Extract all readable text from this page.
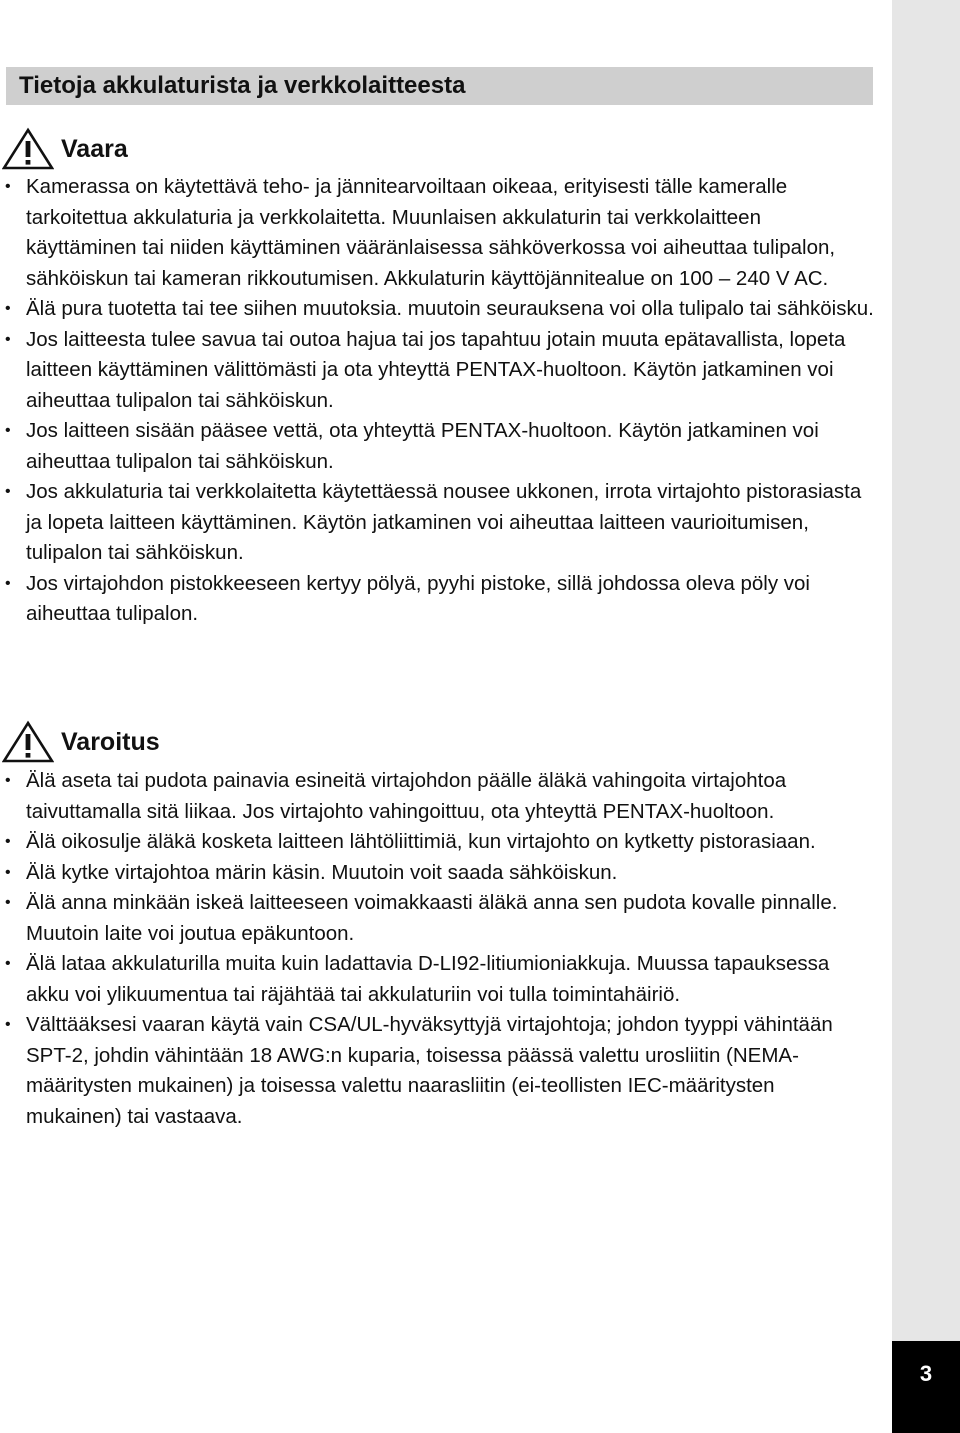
Tietoja akkulaturista ja verkkolaitteesta
Vaara
• Kamerassa on käytettävä teho- ja jännitearvoiltaan oikeaa, erityisesti tälle kameralle tarkoitettua akkulaturia ja verkkolaitetta. Muunlaisen akkulaturin tai verkkolaitteen käyttäminen tai niiden käyttäminen vääränlaisessa sähköverkossa voi aiheuttaa tulipalon, sähköiskun tai kameran rikkoutumisen. Akkulaturin käyttöjännitealue on 100 – 240 V AC.
• Älä pura tuotetta tai tee siihen muutoksia. muutoin seurauksena voi olla tulipalo tai sähköisku.
• Jos laitteesta tulee savua tai outoa hajua tai jos tapahtuu jotain muuta epätavallista, lopeta laitteen käyttäminen välittömästi ja ota yhteyttä PENTAX-huoltoon. Käytön jatkaminen voi aiheuttaa tulipalon tai sähköiskun.
• Jos laitteen sisään pääsee vettä, ota yhteyttä PENTAX-huoltoon. Käytön jatkaminen voi aiheuttaa tulipalon tai sähköiskun.
• Jos akkulaturia tai verkkolaitetta käytettäessä nousee ukkonen, irrota virtajohto pistorasiasta ja lopeta laitteen käyttäminen. Käytön jatkaminen voi aiheuttaa laitteen vaurioitumisen, tulipalon tai sähköiskun.
• Jos virtajohdon pistokkeeseen kertyy pölyä, pyyhi pistoke, sillä johdossa oleva pöly voi aiheuttaa tulipalon.
Varoitus
• Älä aseta tai pudota painavia esineitä virtajohdon päälle äläkä vahingoita virtajohtoa taivuttamalla sitä liikaa. Jos virtajohto vahingoittuu, ota yhteyttä PENTAX-huoltoon.
• Älä oikosulje äläkä kosketa laitteen lähtöliittimiä, kun virtajohto on kytketty pistorasiaan.
• Älä kytke virtajohtoa märin käsin. Muutoin voit saada sähköiskun.
• Älä anna minkään iskeä laitteeseen voimakkaasti äläkä anna sen pudota kovalle pinnalle. Muutoin laite voi joutua epäkuntoon.
• Älä lataa akkulaturilla muita kuin ladattavia D-LI92-litiumioniakkuja. Muussa tapauksessa akku voi ylikuumentua tai räjähtää tai akkulaturiin voi tulla toimintahäiriö.
• Välttääksesi vaaran käytä vain CSA/UL-hyväksyttyjä virtajohtoja; johdon tyyppi vähintään SPT-2, johdin vähintään 18 AWG:n kuparia, toisessa päässä valettu urosliitin (NEMA-määritysten mukainen) ja toisessa valettu naarasliitin (ei-teollisten IEC-määritysten mukainen) tai vastaava.
3
